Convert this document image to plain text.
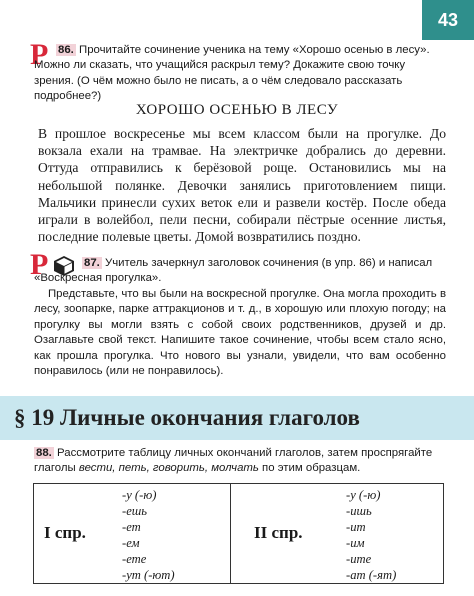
43
Р 86. Прочитайте сочинение ученика на тему «Хорошо осенью в лесу». Можно ли сказать, что учащийся раскрыл тему? Докажите свою точку зрения. (О чём можно было не писать, а о чём следовало рассказать подробнее?)
ХОРОШО ОСЕНЬЮ В ЛЕСУ
В прошлое воскресенье мы всем классом были на прогулке. До вокзала ехали на трамвае. На электричке добрались до деревни. Оттуда отправились к берёзовой роще. Остановились мы на небольшой полянке. Девочки занялись приготовлением пищи. Мальчики принесли сухих веток ели и развели костёр. После обеда играли в волейбол, пели песни, собирали пёстрые осенние листья, последние полевые цветы. Домой возвратились поздно.
Р	87. Учитель зачеркнул заголовок сочинения (в упр. 86) и написал «Воскресная прогулка».
Представьте, что вы были на воскресной прогулке. Она могла проходить в лесу, зоопарке, парке аттракционов и т. д., в хорошую или плохую погоду; на прогулку вы могли взять с собой своих родственников, друзей и др. Озаглавьте свой текст. Напишите такое сочинение, чтобы всем стало ясно, как прошла прогулка. Что нового вы узнали, увидели, что вам особенно понравилось (или не понравилось).
§ 19 Личные окончания глаголов
88. Рассмотрите таблицу личных окончаний глаголов, затем проспрягайте глаголы вести, петь, говорить, молчать по этим образцам.
I спр.
-у (-ю)
-ешь
-ет
-ем
-ете
-ут (-ют)
II спр.
-у (-ю)
-ишь
-ит
-им
-ите
-ат (-ят)
